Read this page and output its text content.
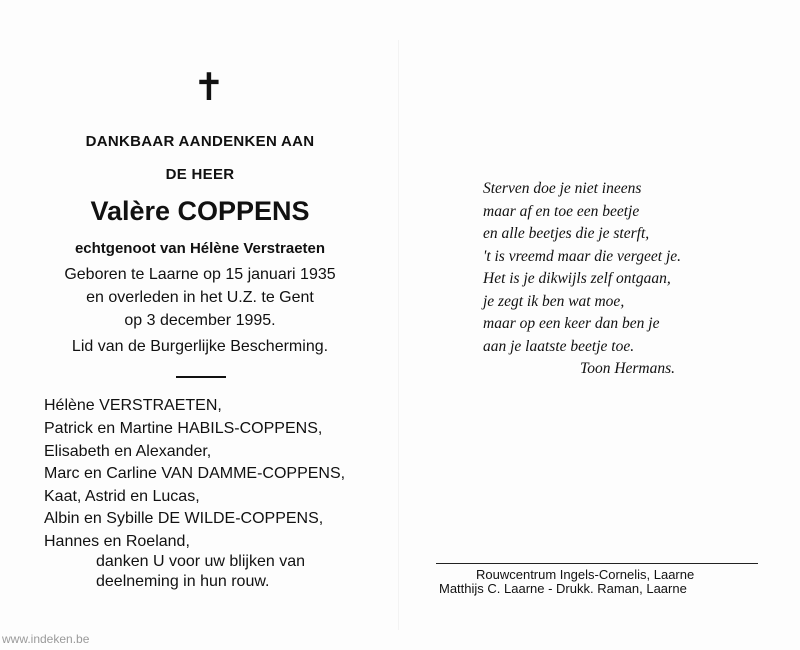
✝
DANKBAAR AANDENKEN AAN
DE HEER
Valère COPPENS
echtgenoot van Hélène Verstraeten
Geboren te Laarne op 15 januari 1935
en overleden in het U.Z. te Gent
op 3 december 1995.
Lid van de Burgerlijke Bescherming.
Hélène VERSTRAETEN,
Patrick en Martine HABILS-COPPENS,
Elisabeth en Alexander,
Marc en Carline VAN DAMME-COPPENS,
Kaat, Astrid en Lucas,
Albin en Sybille DE WILDE-COPPENS,
Hannes en Roeland,
danken U voor uw blijken van
deelneming in hun rouw.
Sterven doe je niet ineens
maar af en toe een beetje
en alle beetjes die je sterft,
't is vreemd maar die vergeet je.
Het is je dikwijls zelf ontgaan,
je zegt ik ben wat moe,
maar op een keer dan ben je
aan je laatste beetje toe.
Toon Hermans.
Rouwcentrum Ingels-Cornelis, Laarne
Matthijs C. Laarne - Drukk. Raman, Laarne
www.indeken.be
